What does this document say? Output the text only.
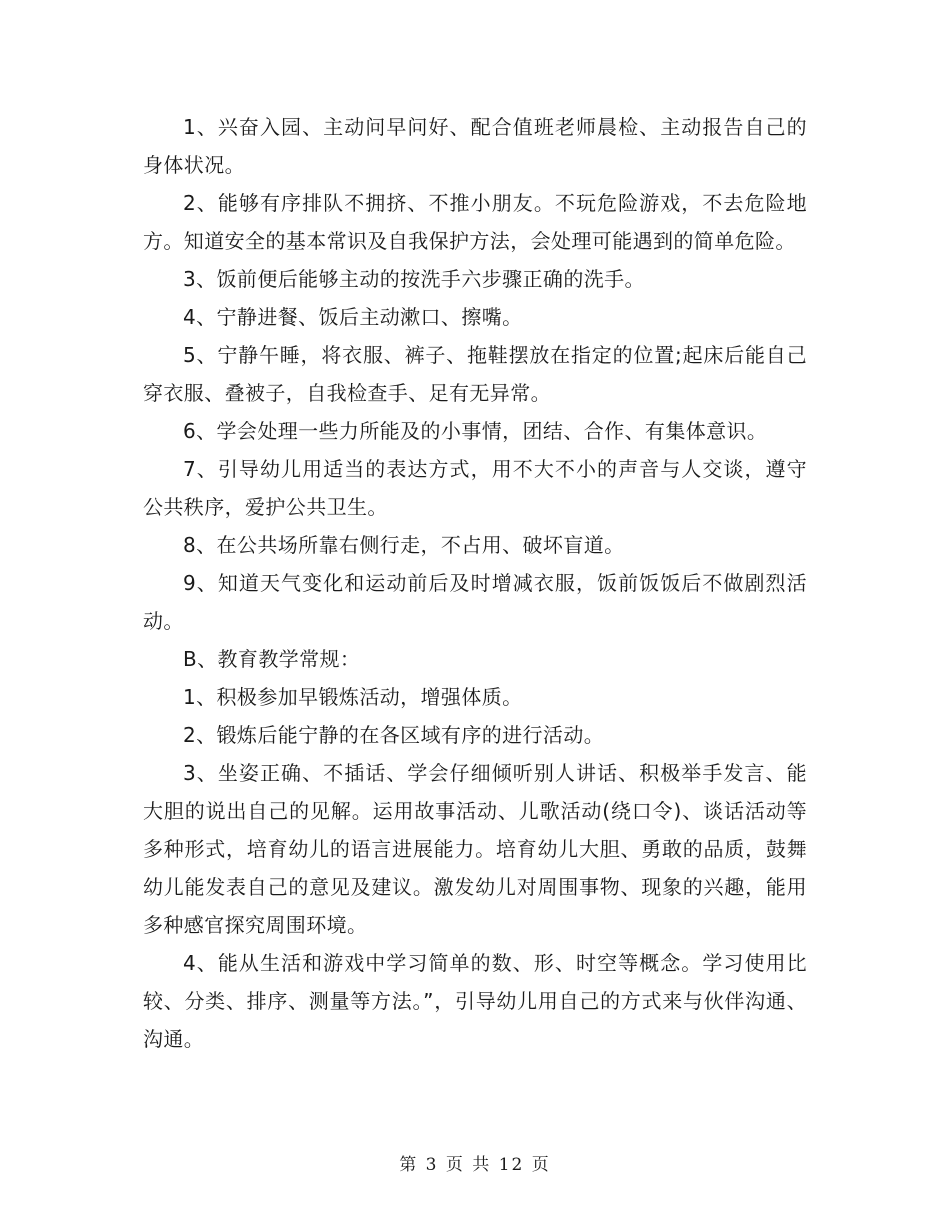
1、兴奋入园、主动问早问好、配合值班老师晨检、主动报告自己的身体状况。

2、能够有序排队不拥挤、不推小朋友。不玩危险游戏，不去危险地方。知道安全的基本常识及自我保护方法，会处理可能遇到的简单危险。

3、饭前便后能够主动的按洗手六步骤正确的洗手。

4、宁静进餐、饭后主动漱口、擦嘴。

5、宁静午睡，将衣服、裤子、拖鞋摆放在指定的位置;起床后能自己穿衣服、叠被子，自我检查手、足有无异常。

6、学会处理一些力所能及的小事情，团结、合作、有集体意识。

7、引导幼儿用适当的表达方式，用不大不小的声音与人交谈，遵守公共秩序，爱护公共卫生。

8、在公共场所靠右侧行走，不占用、破坏盲道。

9、知道天气变化和运动前后及时增减衣服，饭前饭饭后不做剧烈活动。

B、教育教学常规：

1、积极参加早锻炼活动，增强体质。

2、锻炼后能宁静的在各区域有序的进行活动。

3、坐姿正确、不插话、学会仔细倾听别人讲话、积极举手发言、能大胆的说出自己的见解。运用故事活动、儿歌活动(绕口令)、谈话活动等多种形式，培育幼儿的语言进展能力。培育幼儿大胆、勇敢的品质，鼓舞幼儿能发表自己的意见及建议。激发幼儿对周围事物、现象的兴趣，能用多种感官探究周围环境。

4、能从生活和游戏中学习简单的数、形、时空等概念。学习使用比较、分类、排序、测量等方法。”，引导幼儿用自己的方式来与伙伴沟通、沟通。

第 3 页 共 12 页
